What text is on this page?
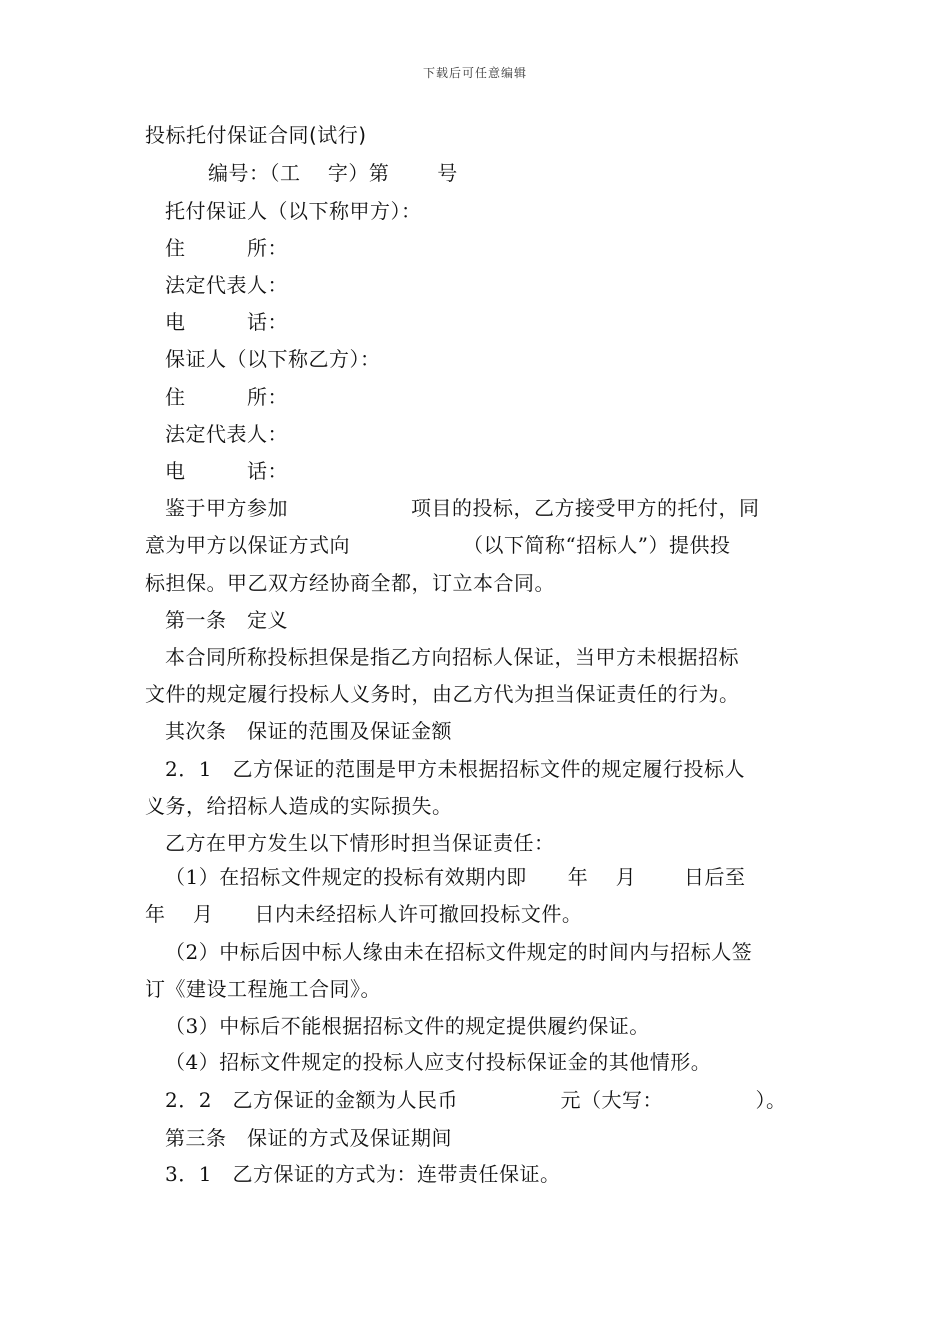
下载后可任意编辑
投标托付保证合同(试行)
编号：（工　 字）第　　 号
托付保证人（以下称甲方）：
住　　　所：
法定代表人：
电　　　话：
保证人（以下称乙方）：
住　　　所：
法定代表人：
电　　　话：
鉴于甲方参加　　　　　　项目的投标，乙方接受甲方的托付，同
意为甲方以保证方式向　　　　　　（以下简称“招标人”）提供投
标担保。甲乙双方经协商全都，订立本合同。
第一条　定义
本合同所称投标担保是指乙方向招标人保证，当甲方未根据招标
文件的规定履行投标人义务时，由乙方代为担当保证责任的行为。
其次条　保证的范围及保证金额
2．1　乙方保证的范围是甲方未根据招标文件的规定履行投标人
义务，给招标人造成的实际损失。
乙方在甲方发生以下情形时担当保证责任：
（1）在招标文件规定的投标有效期内即　　年　 月　　 日后至
年　 月　　日内未经招标人许可撤回投标文件。
（2）中标后因中标人缘由未在招标文件规定的时间内与招标人签
订《建设工程施工合同》。
（3）中标后不能根据招标文件的规定提供履约保证。
（4）招标文件规定的投标人应支付投标保证金的其他情形。
2．2　乙方保证的金额为人民币　　　　　元（大写：　　　　　）。
第三条　保证的方式及保证期间
3．1　乙方保证的方式为：连带责任保证。
